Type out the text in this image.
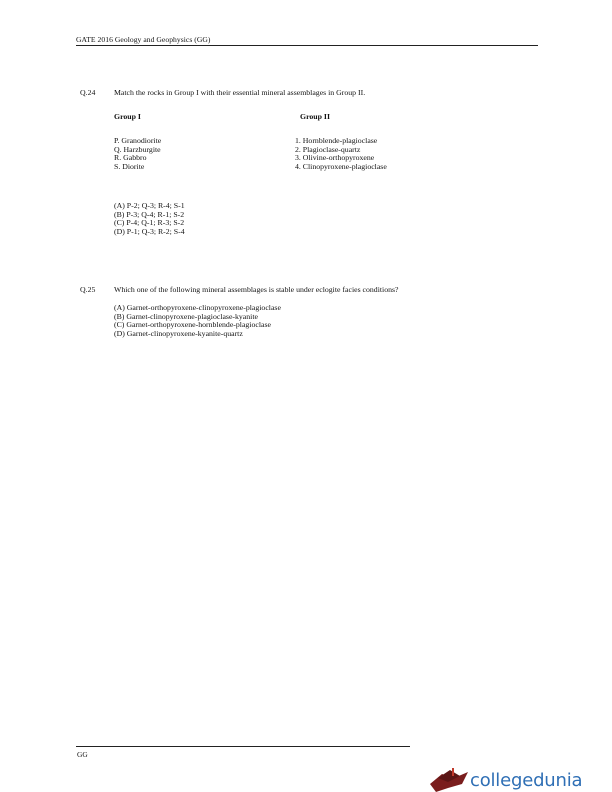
GATE 2016 Geology and Geophysics (GG)
Q.24 Match the rocks in Group I with their essential mineral assemblages in Group II.
Group I	Group II
P. Granodiorite
Q. Harzburgite
R. Gabbro
S. Diorite
1. Hornblende-plagioclase
2. Plagioclase-quartz
3. Olivine-orthopyroxene
4. Clinopyroxene-plagioclase
(A) P-2; Q-3; R-4; S-1
(B) P-3; Q-4; R-1; S-2
(C) P-4; Q-1; R-3; S-2
(D) P-1; Q-3; R-2; S-4
Q.25 Which one of the following mineral assemblages is stable under eclogite facies conditions?
(A) Garnet-orthopyroxene-clinopyroxene-plagioclase
(B) Garnet-clinopyroxene-plagioclase-kyanite
(C) Garnet-orthopyroxene-hornblende-plagioclase
(D) Garnet-clinopyroxene-kyanite-quartz
GG
collegedunia
